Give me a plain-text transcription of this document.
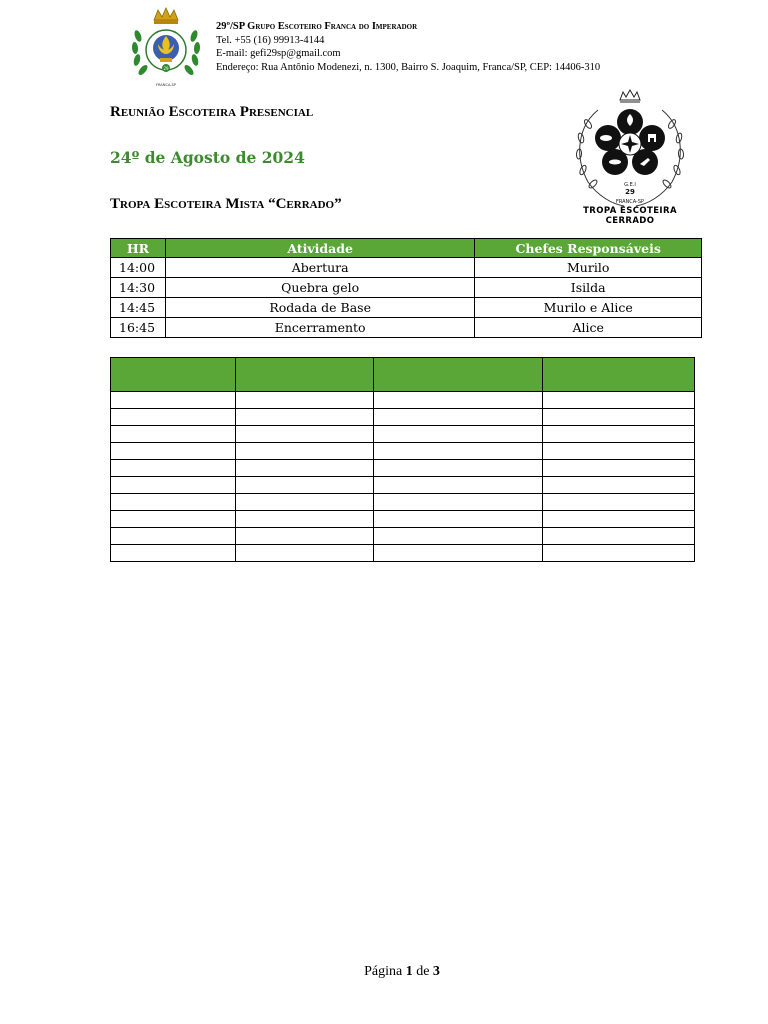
29
FRANCA-SP
29º/SP Grupo Escoteiro Franca do Imperador
Tel. +55 (16) 99913-4144
E-mail: gefi29sp@gmail.com
Endereço: Rua Antônio Modenezi, n. 1300, Bairro S. Joaquim, Franca/SP, CEP: 14406-310
G.E.I
29
FRANCA-SP
TROPA ESCOTEIRA CERRADO
Reunião Escoteira Presencial
24º de Agosto de 2024
Tropa Escoteira Mista “Cerrado”
HR	Atividade	Chefes Responsáveis
14:00	Abertura	Murilo
14:30	Quebra gelo	Isilda
14:45	Rodada de Base	Murilo e Alice
16:45	Encerramento	Alice

Página 1 de 3
